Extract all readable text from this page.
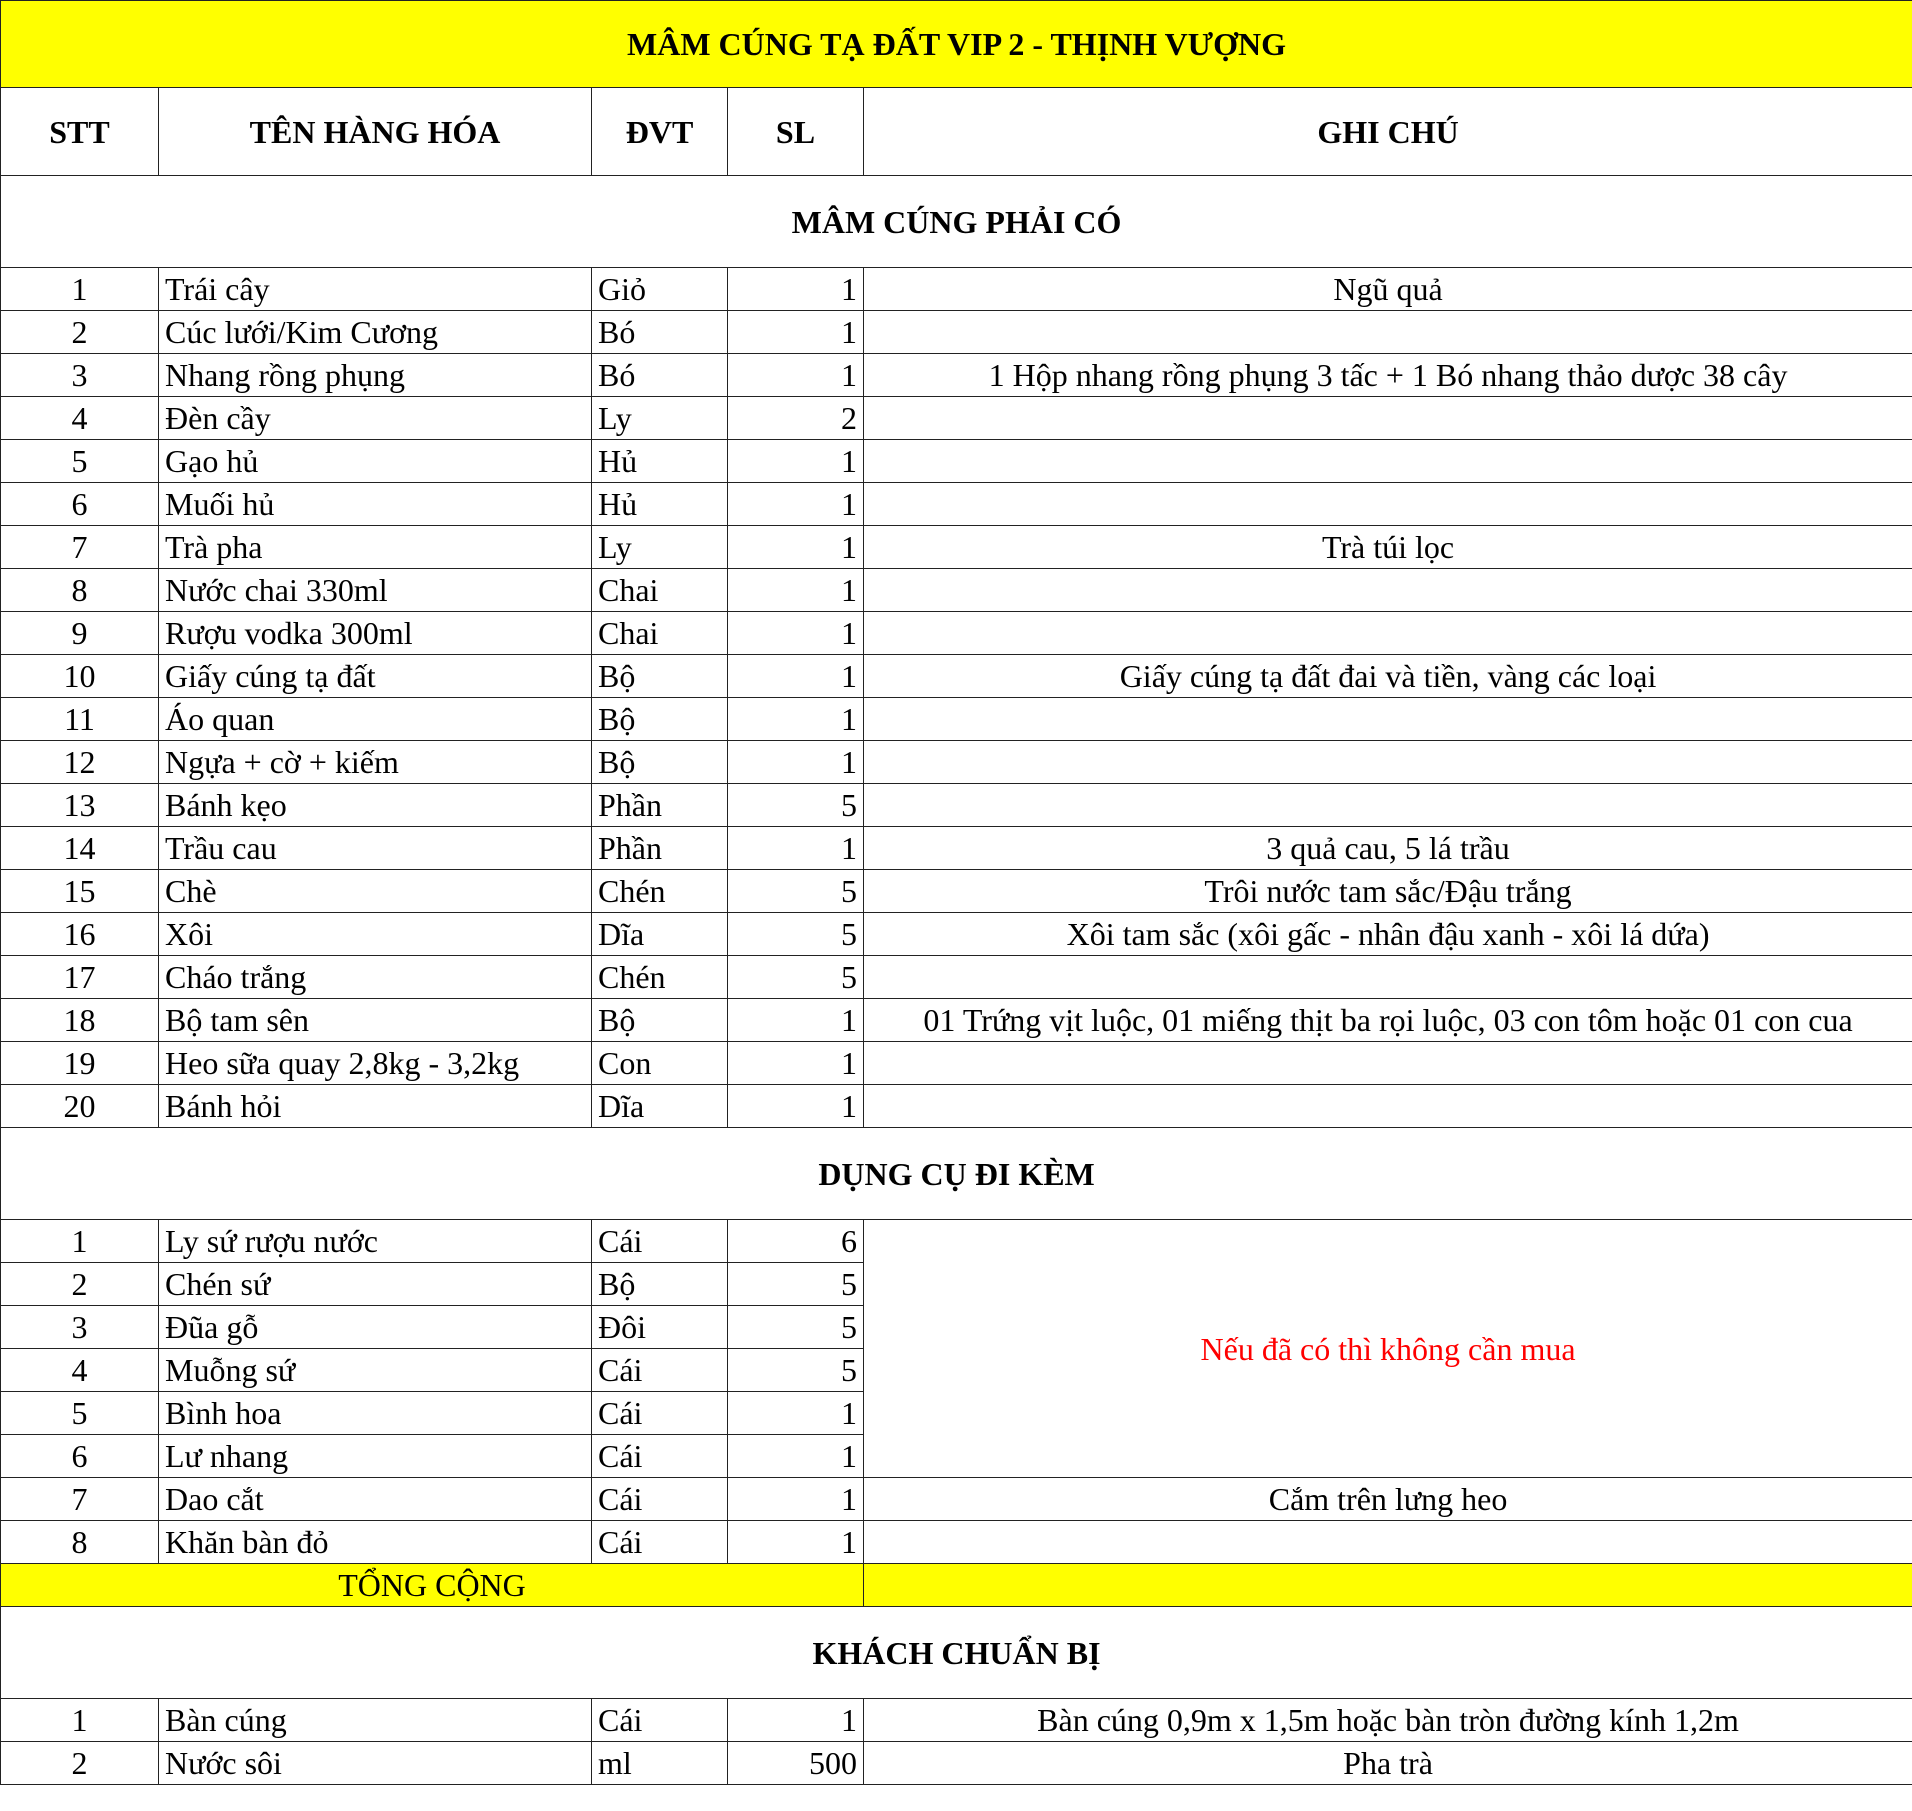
MÂM CÚNG TẠ ĐẤT VIP 2 - THỊNH VƯỢNG				
STT	TÊN HÀNG HÓA	ĐVT	SL	GHI CHÚ
MÂM CÚNG PHẢI CÓ				
1	Trái cây	Giỏ	1	Ngũ quả
2	Cúc lưới/Kim Cương	Bó	1	
3	Nhang rồng phụng	Bó	1	1 Hộp nhang rồng phụng 3 tấc + 1 Bó nhang thảo dược 38 cây
4	Đèn cầy	Ly	2	
5	Gạo hủ	Hủ	1	
6	Muối hủ	Hủ	1	
7	Trà pha	Ly	1	Trà túi lọc
8	Nước chai 330ml	Chai	1	
9	Rượu vodka 300ml	Chai	1	
10	Giấy cúng tạ đất	Bộ	1	Giấy cúng tạ đất đai và tiền, vàng các loại
11	Áo quan	Bộ	1	
12	Ngựa + cờ + kiếm	Bộ	1	
13	Bánh kẹo	Phần	5	
14	Trầu cau	Phần	1	3 quả cau, 5 lá trầu
15	Chè	Chén	5	Trôi nước tam sắc/Đậu trắng
16	Xôi	Dĩa	5	Xôi tam sắc (xôi gấc - nhân đậu xanh - xôi lá dứa)
17	Cháo trắng	Chén	5	
18	Bộ tam sên	Bộ	1	01 Trứng vịt luộc, 01 miếng thịt ba rọi luộc, 03 con tôm hoặc 01 con cua
19	Heo sữa quay 2,8kg - 3,2kg	Con	1	
20	Bánh hỏi	Dĩa	1	
DỤNG CỤ ĐI KÈM				
1	Ly sứ rượu nước	Cái	6	Nếu đã có thì không cần mua
2	Chén sứ	Bộ	5	
3	Đũa gỗ	Đôi	5	
4	Muỗng sứ	Cái	5	
5	Bình hoa	Cái	1	
6	Lư nhang	Cái	1	
7	Dao cắt	Cái	1	Cắm trên lưng heo
8	Khăn bàn đỏ	Cái	1	
TỔNG CỘNG				
KHÁCH CHUẨN BỊ				
1	Bàn cúng	Cái	1	Bàn cúng 0,9m x 1,5m hoặc bàn tròn đường kính 1,2m
2	Nước sôi	ml	500	Pha trà
